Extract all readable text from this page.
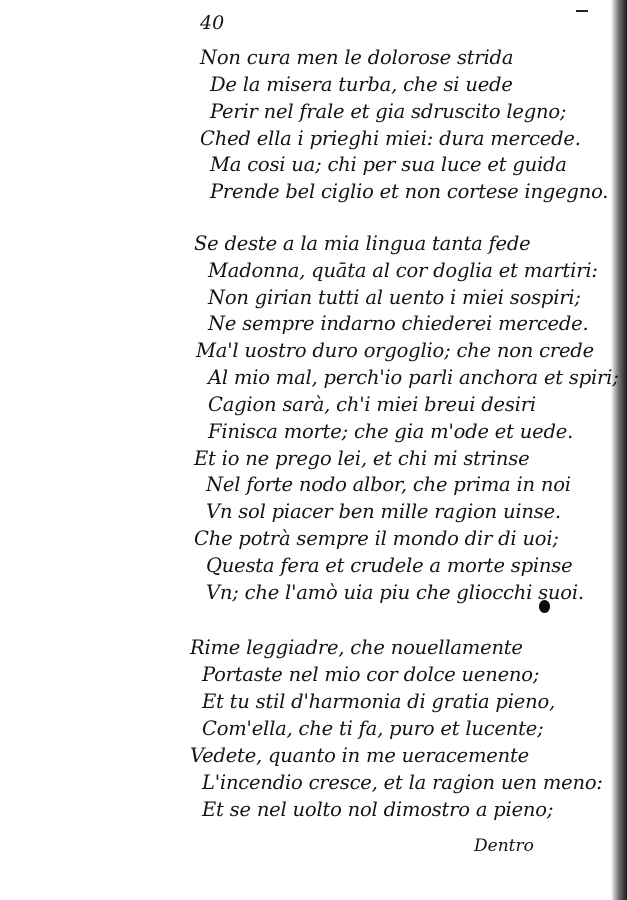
40
Non cura men le dolorose strida
De la misera turba, che si uede
Perir nel frale et gia sdruscito legno;
Ched ella i prieghi miei: dura mercede.
Ma cosi ua; chi per sua luce et guida
Prende bel ciglio et non cortese ingegno.
Se deste a la mia lingua tanta fede
Madonna, quāta al cor doglia et martiri:
Non girian tutti al uento i miei sospiri;
Ne sempre indarno chiederei mercede.
Ma'l uostro duro orgoglio; che non crede
Al mio mal, perch'io parli anchora et spiri;
Cagion sarà, ch'i miei breui desiri
Finisca morte; che gia m'ode et uede.
Et io ne prego lei, et chi mi strinse
Nel forte nodo albor, che prima in noi
Vn sol piacer ben mille ragion uinse.
Che potrà sempre il mondo dir di uoi;
Questa fera et crudele a morte spinse
Vn; che l'amò uia piu che gliocchi suoi.
Rime leggiadre, che nouellamente
Portaste nel mio cor dolce ueneno;
Et tu stil d'harmonia di gratia pieno,
Com'ella, che ti fa, puro et lucente;
Vedete, quanto in me ueracemente
L'incendio cresce, et la ragion uen meno:
Et se nel uolto nol dimostro a pieno;
Dentro
